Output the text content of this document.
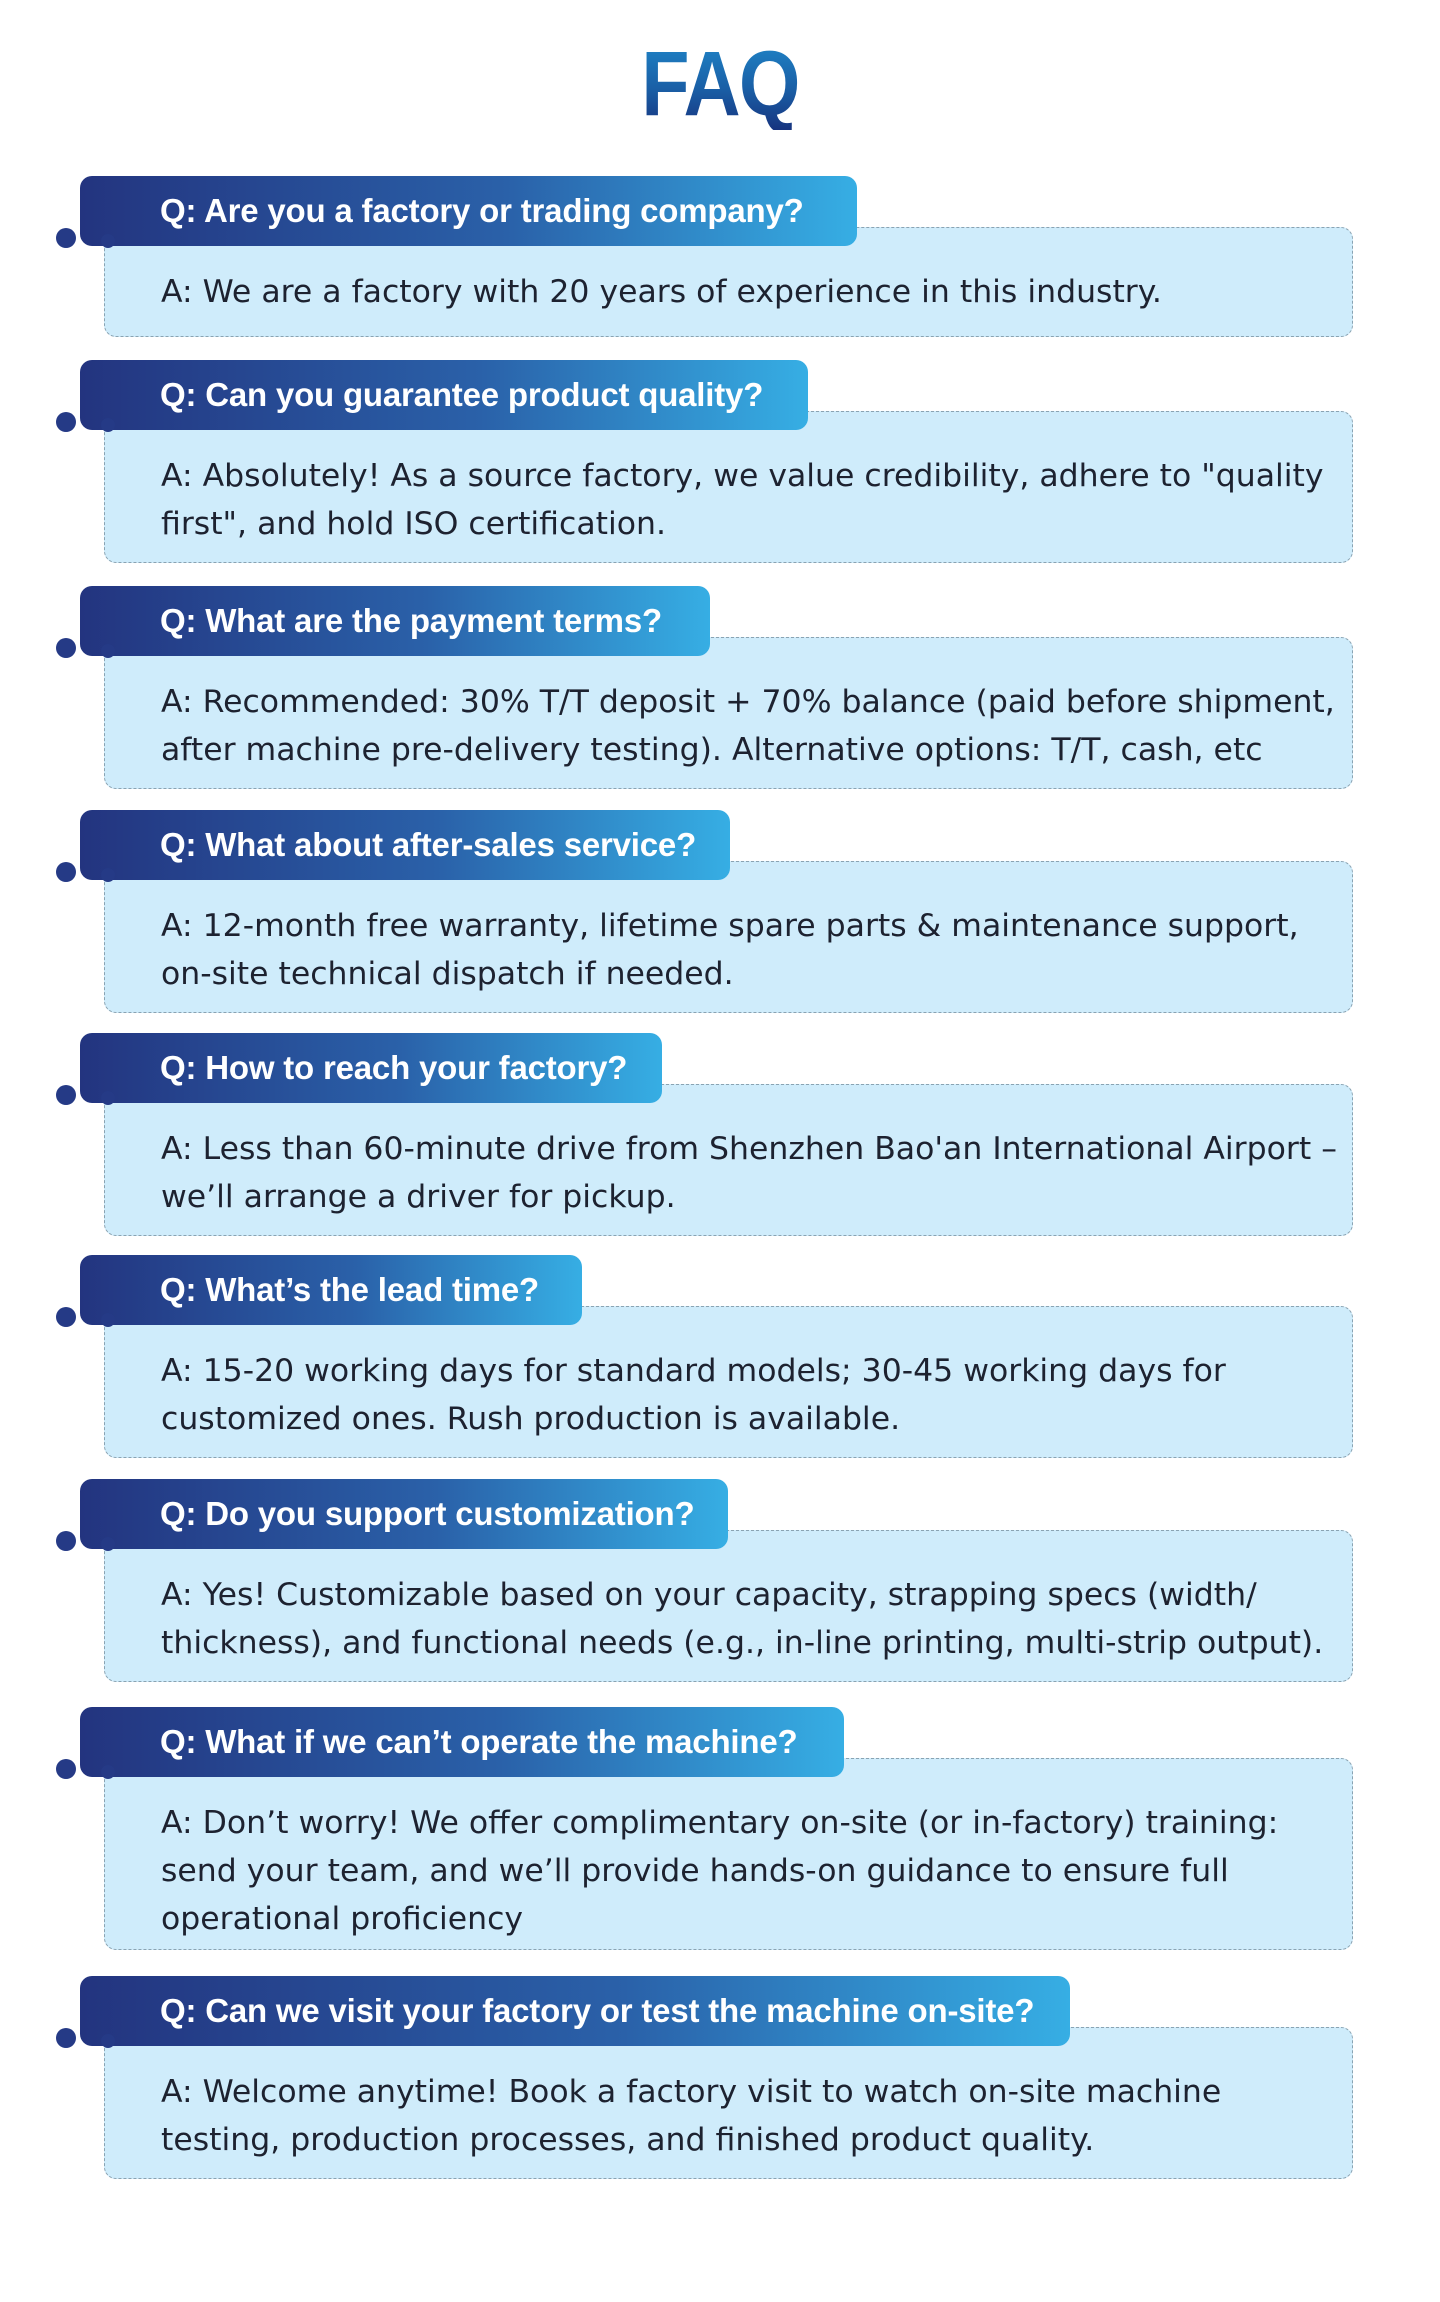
FAQ
A: We are a factory with 20 years of experience in this industry.
Q: Are you a factory or trading company?
A: Absolutely! As a source factory, we value credibility, adhere to "quality first", and hold ISO certification.
Q: Can you guarantee product quality?
A: Recommended: 30% T/T deposit + 70% balance (paid before shipment, after machine pre-delivery testing). Alternative options: T/T, cash, etc
Q: What are the payment terms?
A: 12-month free warranty, lifetime spare parts & maintenance support, on-site technical dispatch if needed.
Q: What about after-sales service?
A: Less than 60-minute drive from Shenzhen Bao'an International Airport – we’ll arrange a driver for pickup.
Q: How to reach your factory?
A: 15-20 working days for standard models; 30-45 working days for customized ones. Rush production is available.
Q: What’s the lead time?
A: Yes! Customizable based on your capacity, strapping specs (width/ thickness), and functional needs (e.g., in-line printing, multi-strip output).
Q: Do you support customization?
A: Don’t worry! We offer complimentary on-site (or in-factory) training: send your team, and we’ll provide hands-on guidance to ensure full operational proficiency
Q: What if we can’t operate the machine?
A: Welcome anytime! Book a factory visit to watch on-site machine testing, production processes, and finished product quality.
Q: Can we visit your factory or test the machine on-site?
